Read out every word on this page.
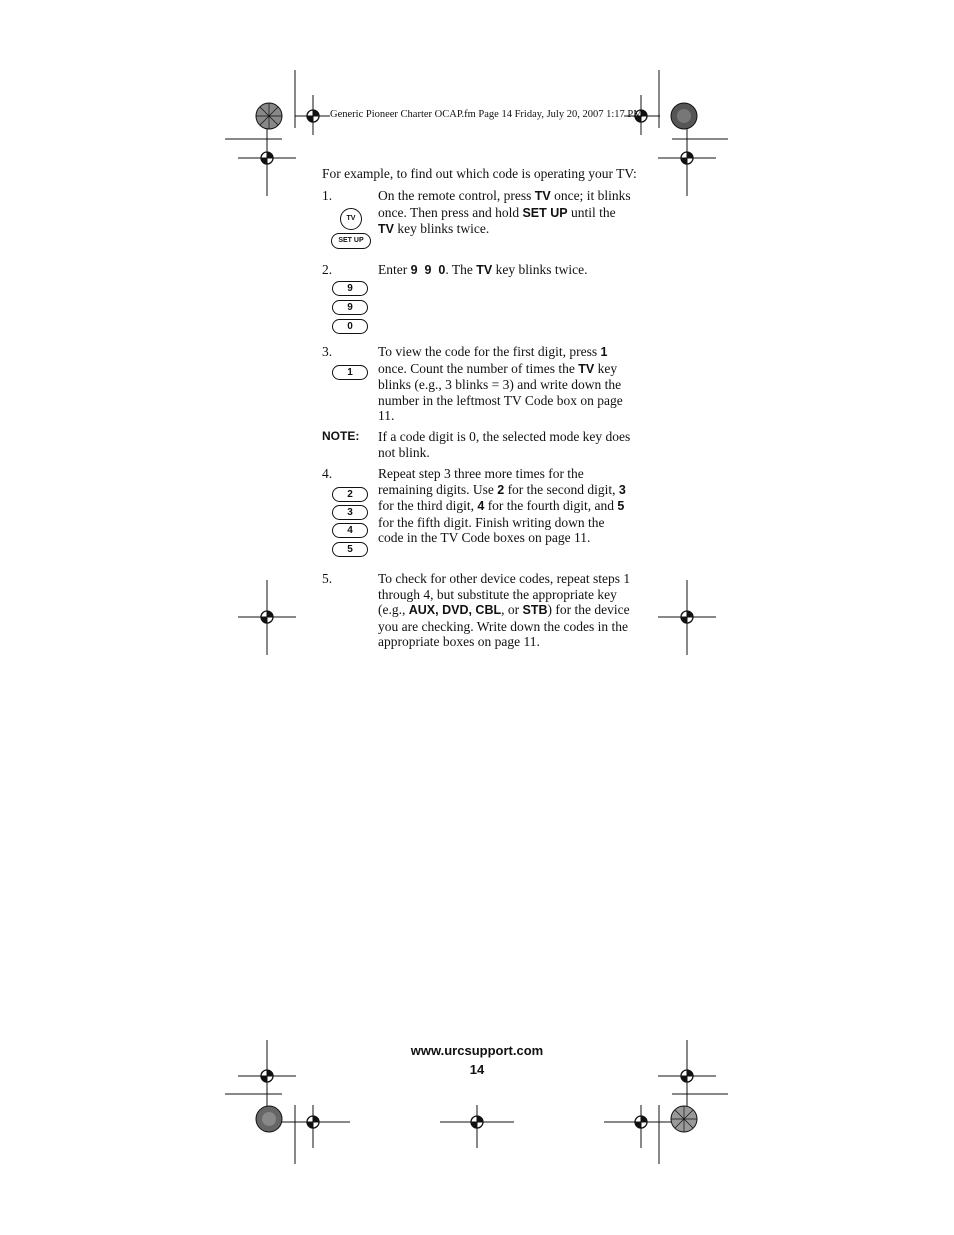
Generic Pioneer Charter OCAP.fm Page 14 Friday, July 20, 2007 1:17 PM
For example, to find out which code is operating your TV:
1.
TV
SET UP
On the remote control, press TV once; it blinks once. Then press and hold SET UP until the TV key blinks twice.
2.
9
9
0
Enter 9  9  0. The TV key blinks twice.
3.
1
To view the code for the first digit, press 1 once. Count the number of times the TV key blinks (e.g., 3 blinks = 3) and write down the number in the leftmost TV Code box on page 11.
NOTE: If a code digit is 0, the selected mode key does not blink.
4.
2
3
4
5
Repeat step 3 three more times for the remaining digits. Use 2 for the second digit, 3 for the third digit, 4 for the fourth digit, and 5 for the fifth digit. Finish writing down the code in the TV Code boxes on page 11.
5.	To check for other device codes, repeat steps 1 through 4, but substitute the appropriate key (e.g., AUX, DVD, CBL, or STB) for the device you are checking. Write down the codes in the appropriate boxes on page 11.
www.urcsupport.com
14
